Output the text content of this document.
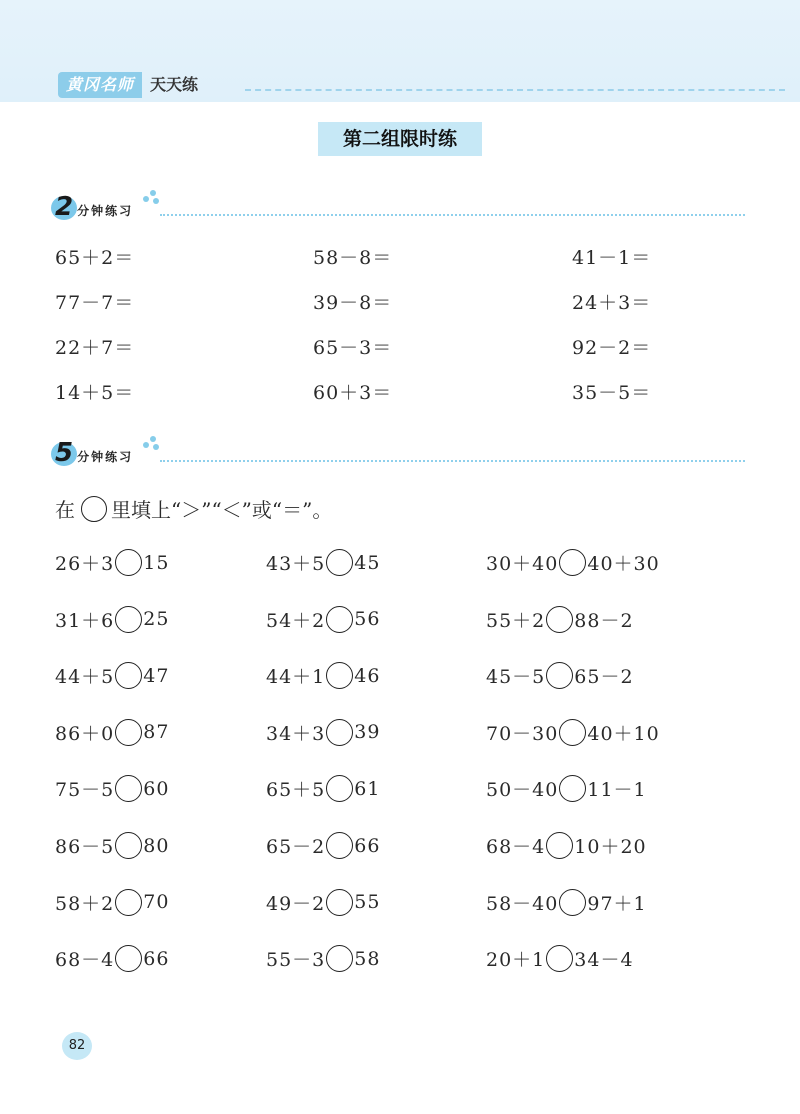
黄冈名师	天天练
第二组限时练
2 分钟练习
65＋2＝	58－8＝	41－1＝
77－7＝	39－8＝	24＋3＝
22＋7＝	65－3＝	92－2＝
14＋5＝	60＋3＝	35－5＝
5 分钟练习
在 里填上“＞”“＜”或“＝”。
26＋3 15	43＋5 45	30＋40 40＋30
31＋6 25	54＋2 56	55＋2 88－2
44＋5 47	44＋1 46	45－5 65－2
86＋0 87	34＋3 39	70－30 40＋10
75－5 60	65＋5 61	50－40 11－1
86－5 80	65－2 66	68－4 10＋20
58＋2 70	49－2 55	58－40 97＋1
68－4 66	55－3 58	20＋1 34－4
82
